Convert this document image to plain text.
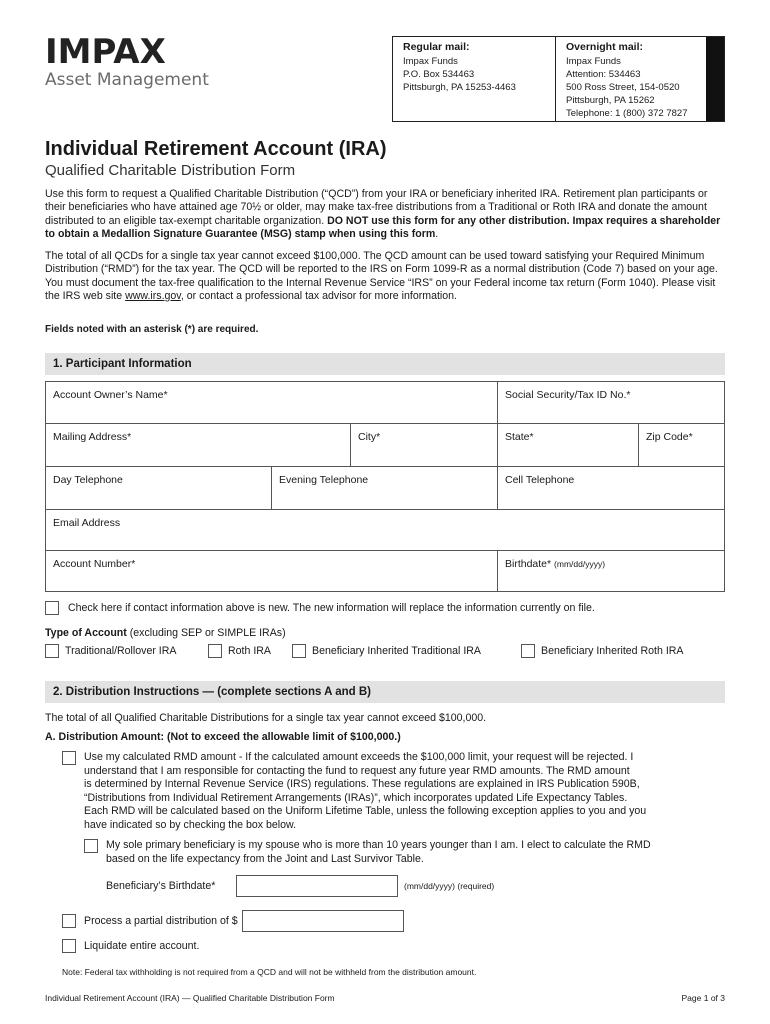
IMPAX
Asset Management
Regular mail:
Impax Funds
P.O. Box 534463
Pittsburgh, PA 15253-4463
Overnight mail:
Impax Funds
Attention: 534463
500 Ross Street, 154-0520
Pittsburgh, PA 15262
Telephone: 1 (800) 372 7827
Individual Retirement Account (IRA)
Qualified Charitable Distribution Form
Use this form to request a Qualified Charitable Distribution (“QCD”) from your IRA or beneficiary inherited IRA. Retirement plan participants or their beneficiaries who have attained age 70½ or older, may make tax-free distributions from a Traditional or Roth IRA and donate the amount distributed to an eligible tax-exempt charitable organization. DO NOT use this form for any other distribution. Impax requires a shareholder to obtain a Medallion Signature Guarantee (MSG) stamp when using this form.
The total of all QCDs for a single tax year cannot exceed $100,000. The QCD amount can be used toward satisfying your Required Minimum Distribution (“RMD”) for the tax year. The QCD will be reported to the IRS on Form 1099-R as a normal distribution (Code 7) based on your age. You must document the tax-free qualification to the Internal Revenue Service “IRS” on your Federal income tax return (Form 1040). Please visit the IRS web site www.irs.gov, or contact a professional tax advisor for more information.
Fields noted with an asterisk (*) are required.
1. Participant Information
Account Owner’s Name*	Social Security/Tax ID No.*
Mailing Address*	City*	State*	Zip Code*
Day Telephone	Evening Telephone	Cell Telephone
Email Address
Account Number*	Birthdate* (mm/dd/yyyy)
Check here if contact information above is new. The new information will replace the information currently on file.
Type of Account (excluding SEP or SIMPLE IRAs)
Traditional/Rollover IRA	Roth IRA	Beneficiary Inherited Traditional IRA	Beneficiary Inherited Roth IRA
2. Distribution Instructions — (complete sections A and B)
The total of all Qualified Charitable Distributions for a single tax year cannot exceed $100,000.
A. Distribution Amount: (Not to exceed the allowable limit of $100,000.)
Use my calculated RMD amount - If the calculated amount exceeds the $100,000 limit, your request will be rejected. I
understand that I am responsible for contacting the fund to request any future year RMD amounts. The RMD amount
is determined by Internal Revenue Service (IRS) regulations. These regulations are explained in IRS Publication 590B,
“Distributions from Individual Retirement Arrangements (IRAs)”, which incorporates updated Life Expectancy Tables.
Each RMD will be calculated based on the Uniform Lifetime Table, unless the following exception applies to you and you
have indicated so by checking the box below.
My sole primary beneficiary is my spouse who is more than 10 years younger than I am. I elect to calculate the RMD
based on the life expectancy from the Joint and Last Survivor Table.
Beneficiary’s Birthdate*	(mm/dd/yyyy) (required)
Process a partial distribution of $
Liquidate entire account.
Note: Federal tax withholding is not required from a QCD and will not be withheld from the distribution amount.
Individual Retirement Account (IRA) — Qualified Charitable Distribution Form	Page 1 of 3
